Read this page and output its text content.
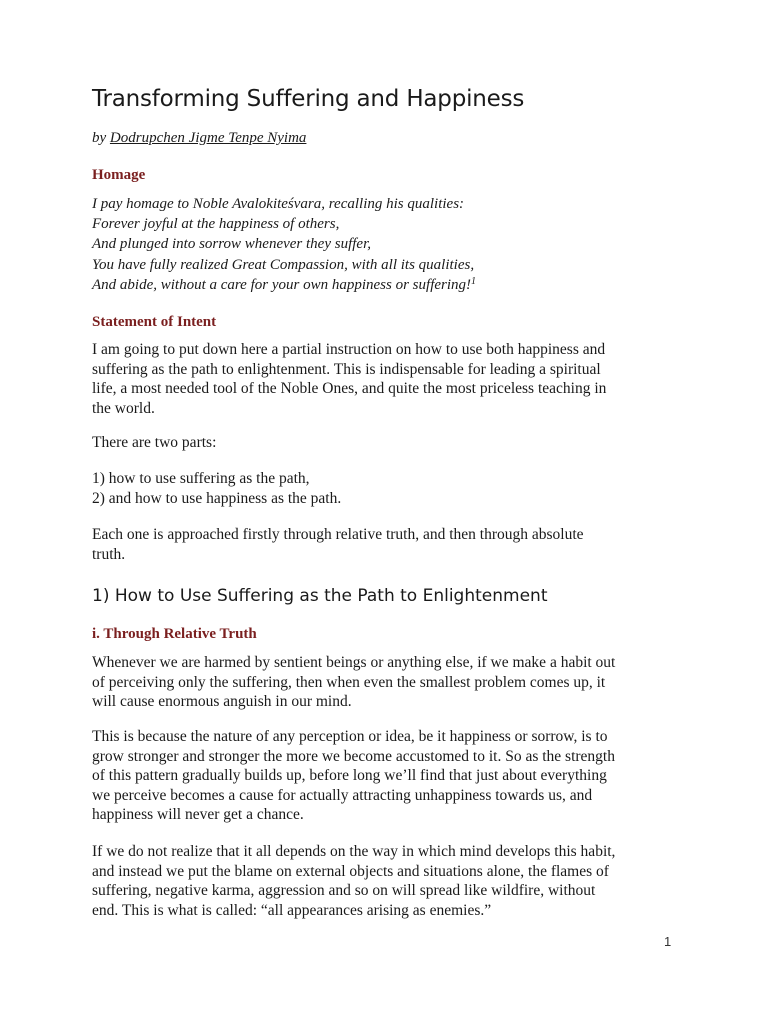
Transforming Suffering and Happiness
by Dodrupchen Jigme Tenpe Nyima
Homage
I pay homage to Noble Avalokiteśvara, recalling his qualities:
Forever joyful at the happiness of others,
And plunged into sorrow whenever they suffer,
You have fully realized Great Compassion, with all its qualities,
And abide, without a care for your own happiness or suffering!$^1$
Statement of Intent
I am going to put down here a partial instruction on how to use both happiness and
suffering as the path to enlightenment. This is indispensable for leading a spiritual
life, a most needed tool of the Noble Ones, and quite the most priceless teaching in
the world.
There are two parts:
1) how to use suffering as the path,
2) and how to use happiness as the path.
Each one is approached firstly through relative truth, and then through absolute
truth.
1) How to Use Suffering as the Path to Enlightenment
i. Through Relative Truth
Whenever we are harmed by sentient beings or anything else, if we make a habit out
of perceiving only the suffering, then when even the smallest problem comes up, it
will cause enormous anguish in our mind.
This is because the nature of any perception or idea, be it happiness or sorrow, is to
grow stronger and stronger the more we become accustomed to it. So as the strength
of this pattern gradually builds up, before long we’ll find that just about everything
we perceive becomes a cause for actually attracting unhappiness towards us, and
happiness will never get a chance.
If we do not realize that it all depends on the way in which mind develops this habit,
and instead we put the blame on external objects and situations alone, the flames of
suffering, negative karma, aggression and so on will spread like wildfire, without
end. This is what is called: “all appearances arising as enemies.”
1
